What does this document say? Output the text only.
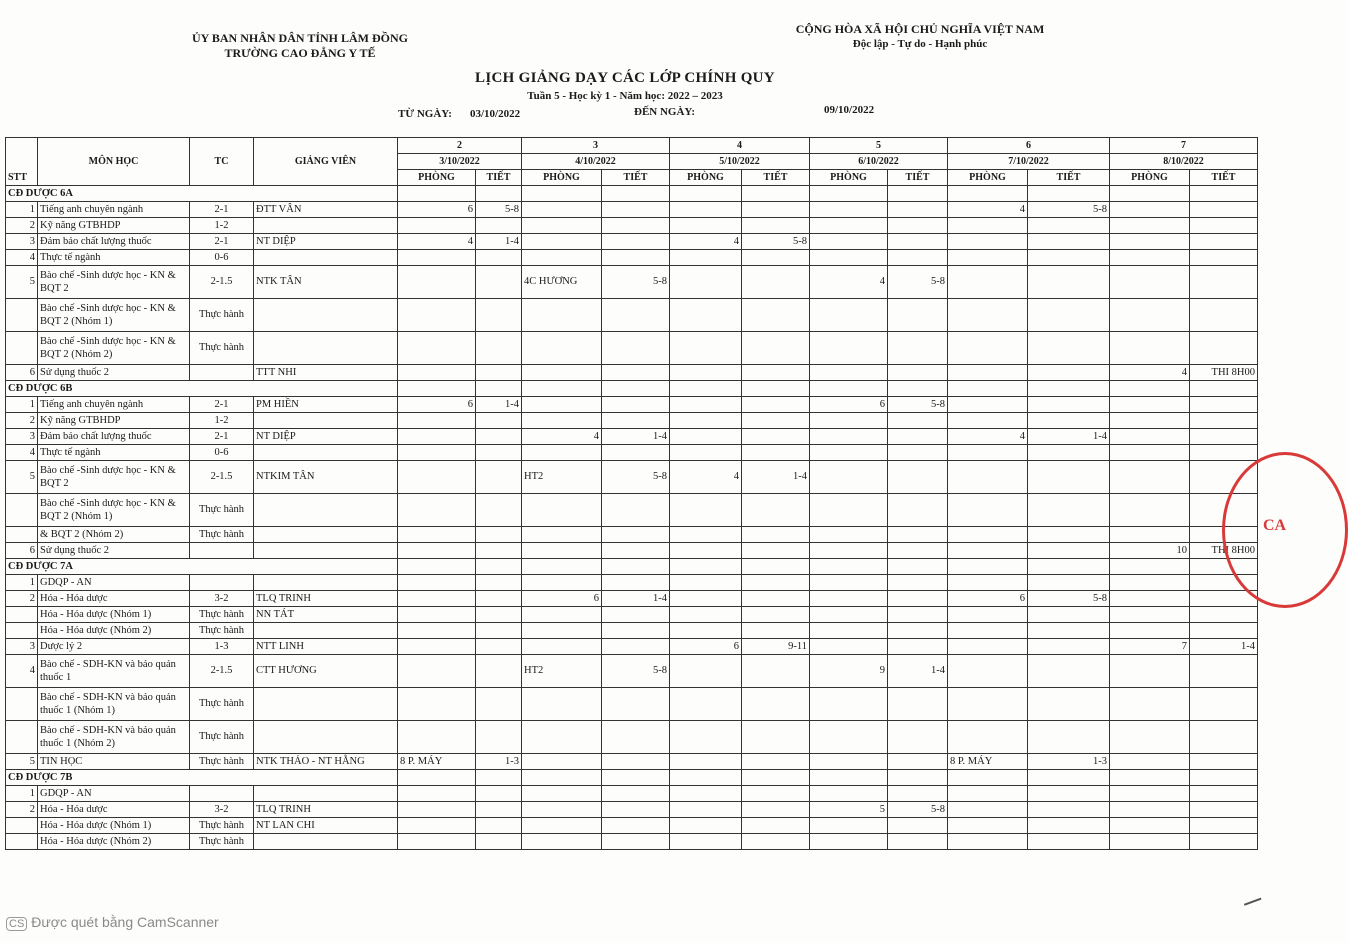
ỦY BAN NHÂN DÂN TỈNH LÂM ĐỒNG
TRƯỜNG CAO ĐẲNG Y TẾ
CỘNG HÒA XÃ HỘI CHỦ NGHĨA VIỆT NAM
Độc lập - Tự do - Hạnh phúc
LỊCH GIẢNG DẠY CÁC LỚP CHÍNH QUY
Tuần 5 - Học kỳ 1 - Năm học: 2022 – 2023
TỪ NGÀY: 03/10/2022	ĐẾN NGÀY:	09/10/2022
STT	MÔN HỌC	TC	GIẢNG VIÊN	2		3		4		5		6		7	
				3/10/2022		4/10/2022		5/10/2022		6/10/2022		7/10/2022		8/10/2022	
				PHÒNG	TIẾT	PHÒNG	TIẾT	PHÒNG	TIẾT	PHÒNG	TIẾT	PHÒNG	TIẾT	PHÒNG	TIẾT
CĐ DƯỢC 6A															
1	Tiếng anh chuyên ngành	2-1	ĐTT VÂN	6	5-8							4	5-8		
2	Kỹ năng GTBHDP	1-2													
3	Đảm bảo chất lượng thuốc	2-1	NT DIỆP	4	1-4			4	5-8						
4	Thực tế ngành	0-6													
5	Bào chế -Sinh dược học - KN & BQT 2	2-1.5	NTK TÂN			4C HƯƠNG	5-8			4	5-8				
	Bào chế -Sinh dược học - KN & BQT 2 (Nhóm 1)	Thực hành													
	Bào chế -Sinh dược học - KN & BQT 2 (Nhóm 2)	Thực hành													
6	Sử dụng thuốc 2		TTT NHI											4	THI 8H00
CĐ DƯỢC 6B															
1	Tiếng anh chuyên ngành	2-1	PM HIỀN	6	1-4					6	5-8				
2	Kỹ năng GTBHDP	1-2													
3	Đảm bảo chất lượng thuốc	2-1	NT DIỆP			4	1-4					4	1-4		
4	Thực tế ngành	0-6													
5	Bào chế -Sinh dược học - KN & BQT 2	2-1.5	NTKIM TÂN			HT2	5-8	4	1-4						
	Bào chế -Sinh dược học - KN & BQT 2 (Nhóm 1)	Thực hành													
	& BQT 2 (Nhóm 2)	Thực hành													
6	Sử dụng thuốc 2													10	THI 8H00
CĐ DƯỢC 7A															
1	GDQP - AN														
2	Hóa - Hóa dược	3-2	TLQ TRINH			6	1-4					6	5-8		
	Hóa - Hóa dược (Nhóm 1)	Thực hành	NN TÁT												
	Hóa - Hóa dược (Nhóm 2)	Thực hành													
3	Dược lý 2	1-3	NTT LINH					6	9-11					7	1-4
4	Bào chế - SDH-KN và bảo quản thuốc 1	2-1.5	CTT HƯƠNG			HT2	5-8			9	1-4				
	Bào chế - SDH-KN và bảo quản thuốc 1 (Nhóm 1)	Thực hành													
	Bào chế - SDH-KN và bảo quản thuốc 1 (Nhóm 2)	Thực hành													
5	TIN HỌC	Thực hành	NTK THẢO - NT HẰNG	8 P. MÁY	1-3							8 P. MÁY	1-3		
CĐ DƯỢC 7B															
1	GDQP - AN														
2	Hóa - Hóa dược	3-2	TLQ TRINH							5	5-8				
	Hóa - Hóa dược (Nhóm 1)	Thực hành	NT LAN CHI												
	Hóa - Hóa dược (Nhóm 2)	Thực hành													
CA
CS Được quét bằng CamScanner
